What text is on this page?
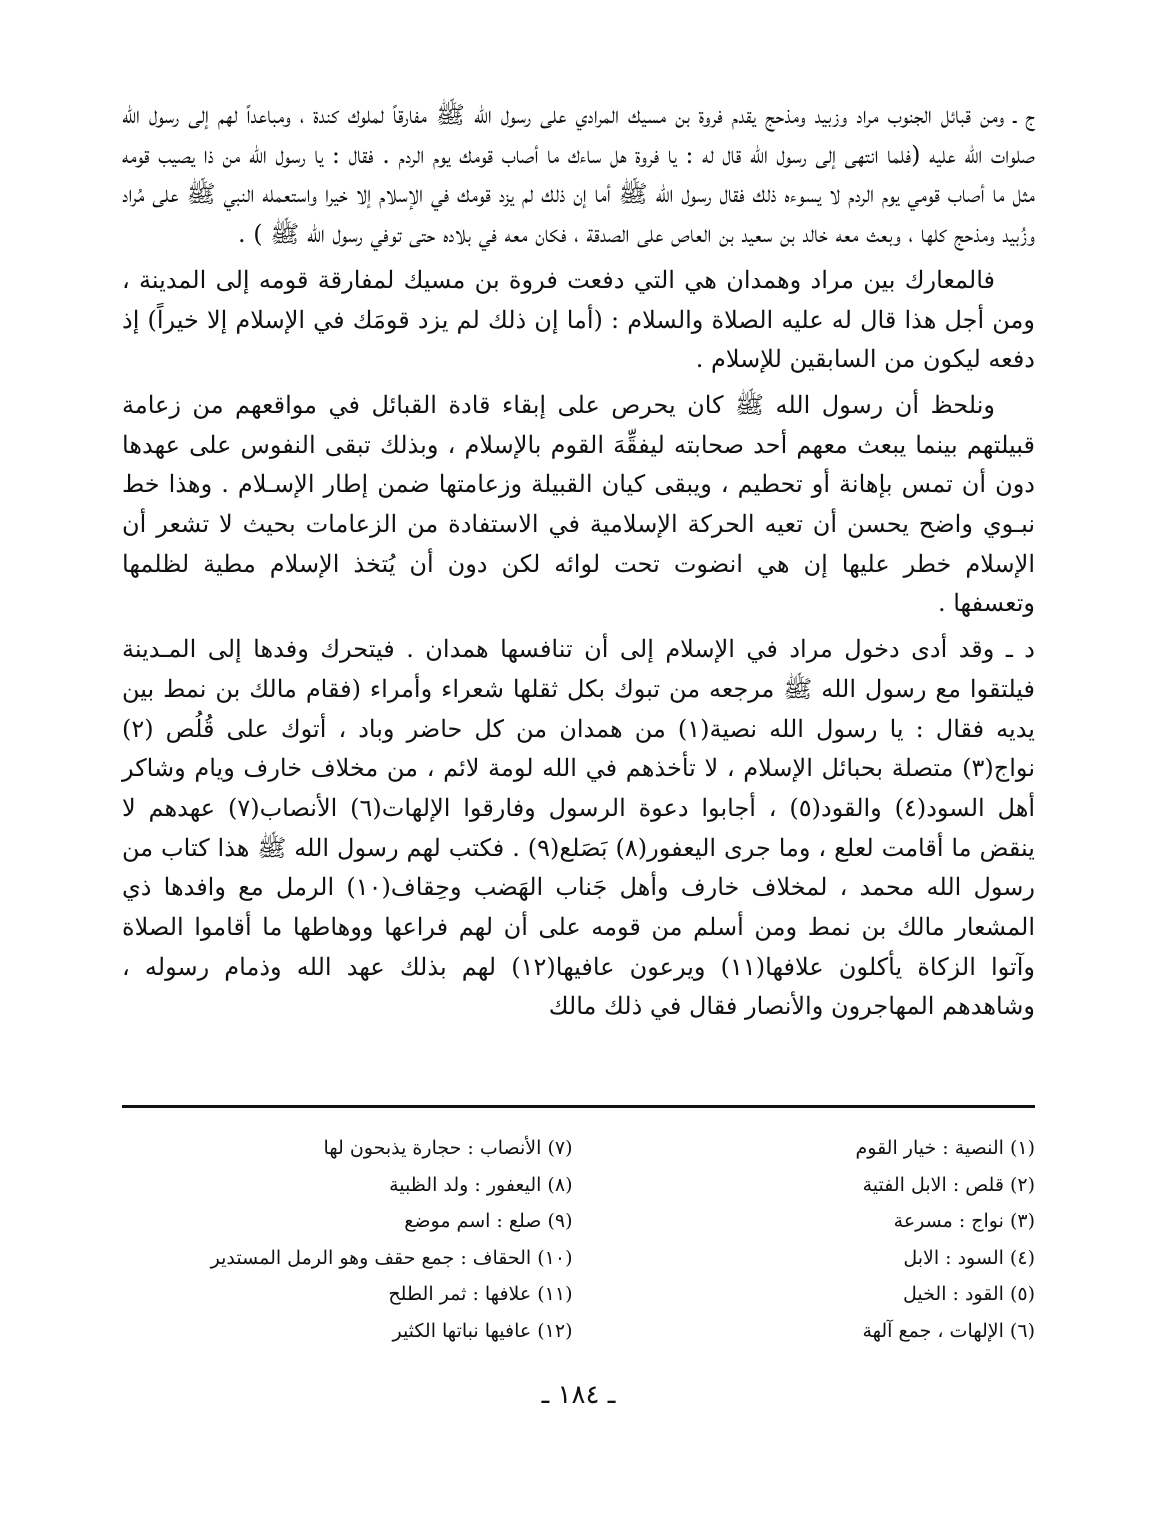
ج ـ ومن قبائل الجنوب مراد وزبيد ومذحج يقدم فروة بن مسيك المرادي على رسول الله ﷺ مفارقاً لملوك كندة ، ومباعداً لهم إلى رسول الله صلوات الله عليه (فلما انتهى إلى رسول الله قال له : يا فروة هل ساءك ما أصاب قومك يوم الردم . فقال : يا رسول الله من ذا يصيب قومه مثل ما أصاب قومي يوم الردم لا يسوءه ذلك فقال رسول الله ﷺ أما إن ذلك لم يزد قومك في الإسلام إلا خيرا واستعمله النبي ﷺ على مُراد وزُبيد ومذحج كلها ، وبعث معه خالد بن سعيد بن العاص على الصدقة ، فكان معه في بلاده حتى توفي رسول الله ﷺ ) .

فالمعارك بين مراد وهمدان هي التي دفعت فروة بن مسيك لمفارقة قومه إلى المدينة ، ومن أجل هذا قال له عليه الصلاة والسلام : (أما إن ذلك لم يزد قومَك في الإسلام إلا خيراً) إذ دفعه ليكون من السابقين للإسلام .

ونلحظ أن رسول الله ﷺ كان يحرص على إبقاء قادة القبائل في مواقعهم من زعامة قبيلتهم بينما يبعث معهم أحد صحابته ليفقِّهَ القوم بالإسلام ، وبذلك تبقى النفوس على عهدها دون أن تمس بإهانة أو تحطيم ، ويبقى كيان القبيلة وزعامتها ضمن إطار الإسـلام . وهذا خط نبـوي واضح يحسن أن تعيه الحركة الإسلامية في الاستفادة من الزعامات بحيث لا تشعر أن الإسلام خطر عليها إن هي انضوت تحت لوائه لكن دون أن يُتخذ الإسلام مطية لظلمها وتعسفها .

د ـ وقد أدى دخول مراد في الإسلام إلى أن تنافسها همدان . فيتحرك وفدها إلى المـدينة فيلتقوا مع رسول الله ﷺ مرجعه من تبوك بكل ثقلها شعراء وأمراء (فقام مالك بن نمط بين يديه فقال : يا رسول الله نصية(١) من همدان من كل حاضر وباد ، أتوك على قُلُص (٢) نواج(٣) متصلة بحبائل الإسلام ، لا تأخذهم في الله لومة لائم ، من مخلاف خارف ويام وشاكر أهل السود(٤) والقود(٥) ، أجابوا دعوة الرسول وفارقوا الإلهات(٦) الأنصاب(٧) عهدهم لا ينقض ما أقامت لعلع ، وما جرى اليعفور(٨) بَصَلع(٩) . فكتب لهم رسول الله ﷺ هذا كتاب من رسول الله محمد ، لمخلاف خارف وأهل جَناب الهَضب وحِقاف(١٠) الرمل مع وافدها ذي المشعار مالك بن نمط ومن أسلم من قومه على أن لهم فراعها ووهاطها ما أقاموا الصلاة وآتوا الزكاة يأكلون علافها(١١) ويرعون عافيها(١٢) لهم بذلك عهد الله وذمام رسوله ، وشاهدهم المهاجرون والأنصار فقال في ذلك مالك

(١) النصية : خيار القوم
(٢) قلص : الابل الفتية
(٣) نواج : مسرعة
(٤) السود : الابل
(٥) القود : الخيل
(٦) الإلهات ، جمع آلهة
(٧) الأنصاب : حجارة يذبحون لها
(٨) اليعفور : ولد الظبية
(٩) صلع : اسم موضع
(١٠) الحقاف : جمع حقف وهو الرمل المستدير
(١١) علافها : ثمر الطلح
(١٢) عافيها نباتها الكثير
ـ ١٨٤ ـ
